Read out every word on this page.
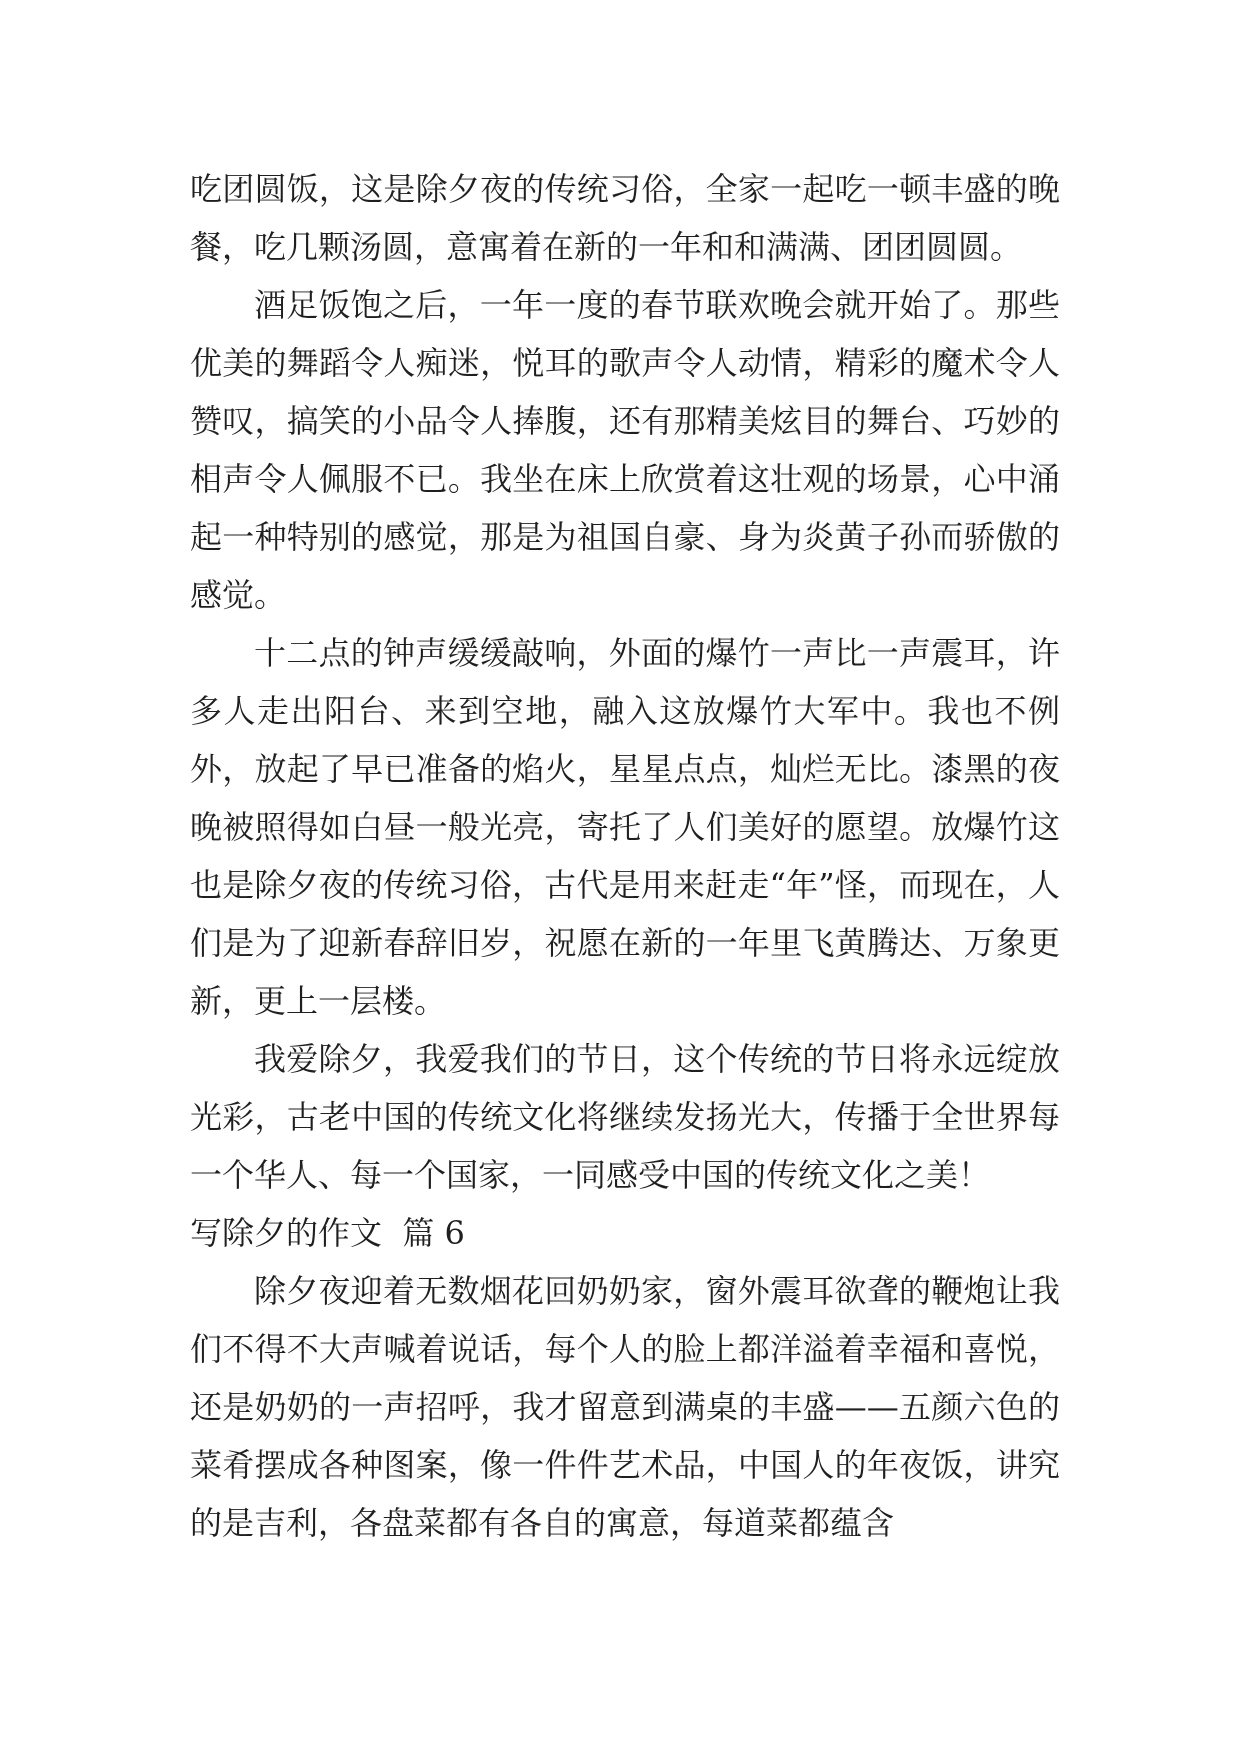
吃团圆饭，这是除夕夜的传统习俗，全家一起吃一顿丰盛的晚餐，吃几颗汤圆，意寓着在新的一年和和满满、团团圆圆。

酒足饭饱之后，一年一度的春节联欢晚会就开始了。那些优美的舞蹈令人痴迷，悦耳的歌声令人动情，精彩的魔术令人赞叹，搞笑的小品令人捧腹，还有那精美炫目的舞台、巧妙的相声令人佩服不已。我坐在床上欣赏着这壮观的场景，心中涌起一种特别的感觉，那是为祖国自豪、身为炎黄子孙而骄傲的感觉。

十二点的钟声缓缓敲响，外面的爆竹一声比一声震耳，许多人走出阳台、来到空地，融入这放爆竹大军中。我也不例外，放起了早已准备的焰火，星星点点，灿烂无比。漆黑的夜晚被照得如白昼一般光亮，寄托了人们美好的愿望。放爆竹这也是除夕夜的传统习俗，古代是用来赶走“年”怪，而现在，人们是为了迎新春辞旧岁，祝愿在新的一年里飞黄腾达、万象更新，更上一层楼。

我爱除夕，我爱我们的节日，这个传统的节日将永远绽放光彩，古老中国的传统文化将继续发扬光大，传播于全世界每一个华人、每一个国家，一同感受中国的传统文化之美！

写除夕的作文  篇 6

除夕夜迎着无数烟花回奶奶家，窗外震耳欲聋的鞭炮让我们不得不大声喊着说话，每个人的脸上都洋溢着幸福和喜悦，还是奶奶的一声招呼，我才留意到满桌的丰盛——五颜六色的菜肴摆成各种图案，像一件件艺术品，中国人的年夜饭，讲究的是吉利，各盘菜都有各自的寓意，每道菜都蕴含
